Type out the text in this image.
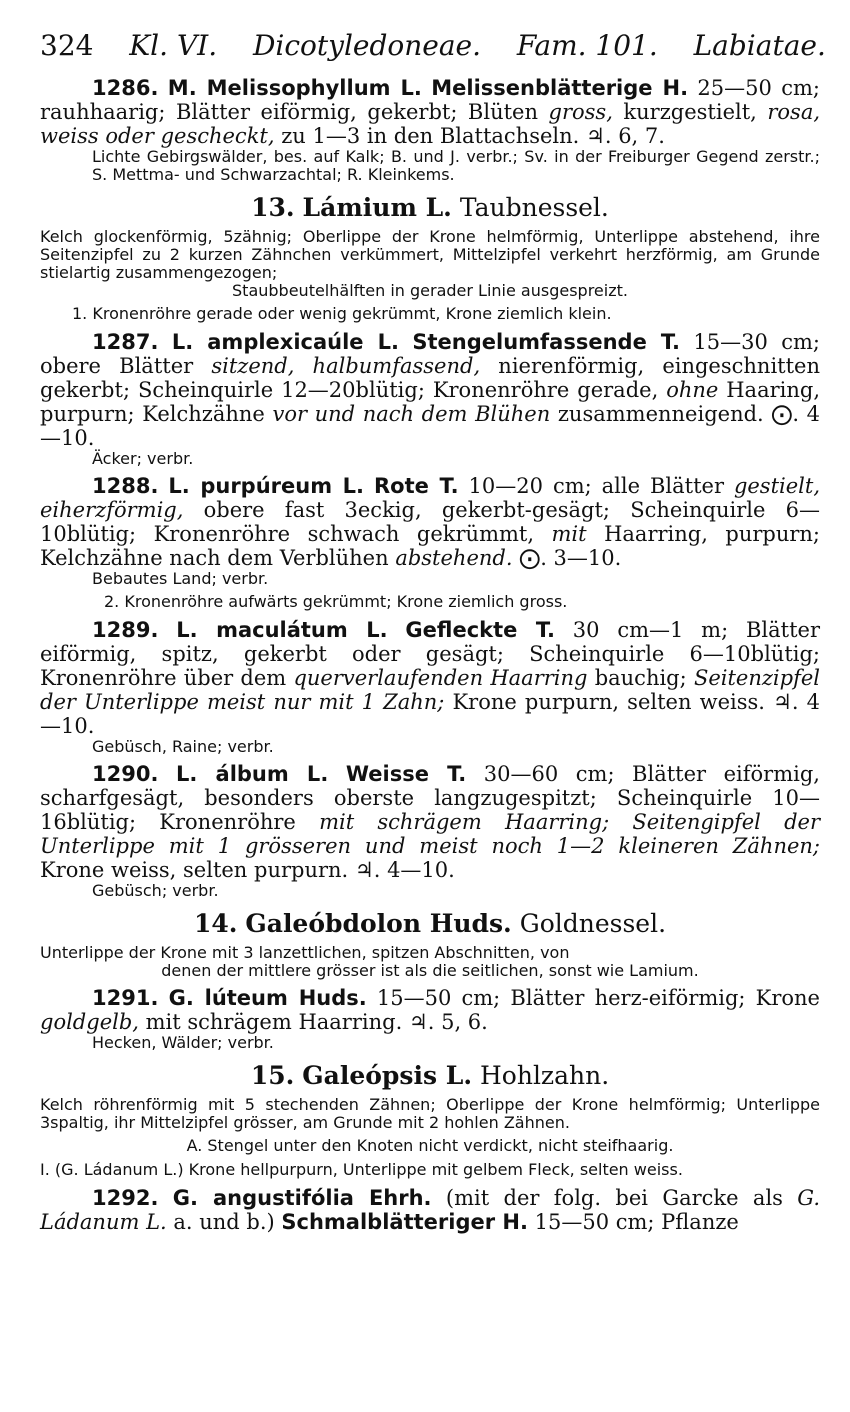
324 Kl. VI. Dicotyledoneae. Fam. 101. Labiatae.

1286. M. Melissophyllum L. Melissenblätterige H. 25—50 cm; rauhhaarig; Blätter eiförmig, gekerbt; Blüten gross, kurzgestielt, rosa, weiss oder gescheckt, zu 1—3 in den Blattachseln. ♃. 6, 7.

Lichte Gebirgswälder, bes. auf Kalk; B. und J. verbr.; Sv. in der Freiburger Gegend zerstr.; S. Mettma- und Schwarzachtal; R. Kleinkems.

13. Lámium L. Taubnessel.

Kelch glockenförmig, 5zähnig; Oberlippe der Krone helmförmig, Unterlippe abstehend, ihre Seitenzipfel zu 2 kurzen Zähnchen verkümmert, Mittelzipfel verkehrt herzförmig, am Grunde stielartig zusammengezogen;
Staubbeutelhälften in gerader Linie ausgespreizt.

1. Kronenröhre gerade oder wenig gekrümmt, Krone ziemlich klein.

1287. L. amplexicaúle L. Stengelumfassende T. 15—30 cm; obere Blätter sitzend, halbumfassend, nierenförmig, eingeschnitten gekerbt; Scheinquirle 12—20blütig; Kronenröhre gerade, ohne Haaring, purpurn; Kelchzähne vor und nach dem Blühen zusammenneigend. ⨀. 4—10.

Äcker; verbr.

1288. L. purpúreum L. Rote T. 10—20 cm; alle Blätter gestielt, eiherzförmig, obere fast 3eckig, gekerbt-gesägt; Scheinquirle 6—10blütig; Kronenröhre schwach gekrümmt, mit Haarring, purpurn; Kelchzähne nach dem Verblühen abstehend. ⨀. 3—10.

Bebautes Land; verbr.

2. Kronenröhre aufwärts gekrümmt; Krone ziemlich gross.

1289. L. maculátum L. Gefleckte T. 30 cm—1 m; Blätter eiförmig, spitz, gekerbt oder gesägt; Scheinquirle 6—10blütig; Kronenröhre über dem querverlaufenden Haarring bauchig; Seitenzipfel der Unterlippe meist nur mit 1 Zahn; Krone purpurn, selten weiss. ♃. 4—10.

Gebüsch, Raine; verbr.

1290. L. álbum L. Weisse T. 30—60 cm; Blätter eiförmig, scharfgesägt, besonders oberste langzugespitzt; Scheinquirle 10—16blütig; Kronenröhre mit schrägem Haarring; Seitengipfel der Unterlippe mit 1 grösseren und meist noch 1—2 kleineren Zähnen; Krone weiss, selten purpurn. ♃. 4—10.

Gebüsch; verbr.

14. Galeóbdolon Huds. Goldnessel.

Unterlippe der Krone mit 3 lanzettlichen, spitzen Abschnitten, von
denen der mittlere grösser ist als die seitlichen, sonst wie Lamium.

1291. G. lúteum Huds. 15—50 cm; Blätter herz-eiförmig; Krone goldgelb, mit schrägem Haarring. ♃. 5, 6.

Hecken, Wälder; verbr.

15. Galeópsis L. Hohlzahn.

Kelch röhrenförmig mit 5 stechenden Zähnen; Oberlippe der Krone helmförmig; Unterlippe 3spaltig, ihr Mittelzipfel grösser, am Grunde mit 2 hohlen Zähnen.

A. Stengel unter den Knoten nicht verdickt, nicht steifhaarig.
I. (G. Ládanum L.) Krone hellpurpurn, Unterlippe mit gelbem Fleck, selten weiss.

1292. G. angustifólia Ehrh. (mit der folg. bei Garcke als G. Ládanum L. a. und b.) Schmalblätteriger H. 15—50 cm; Pflanze
